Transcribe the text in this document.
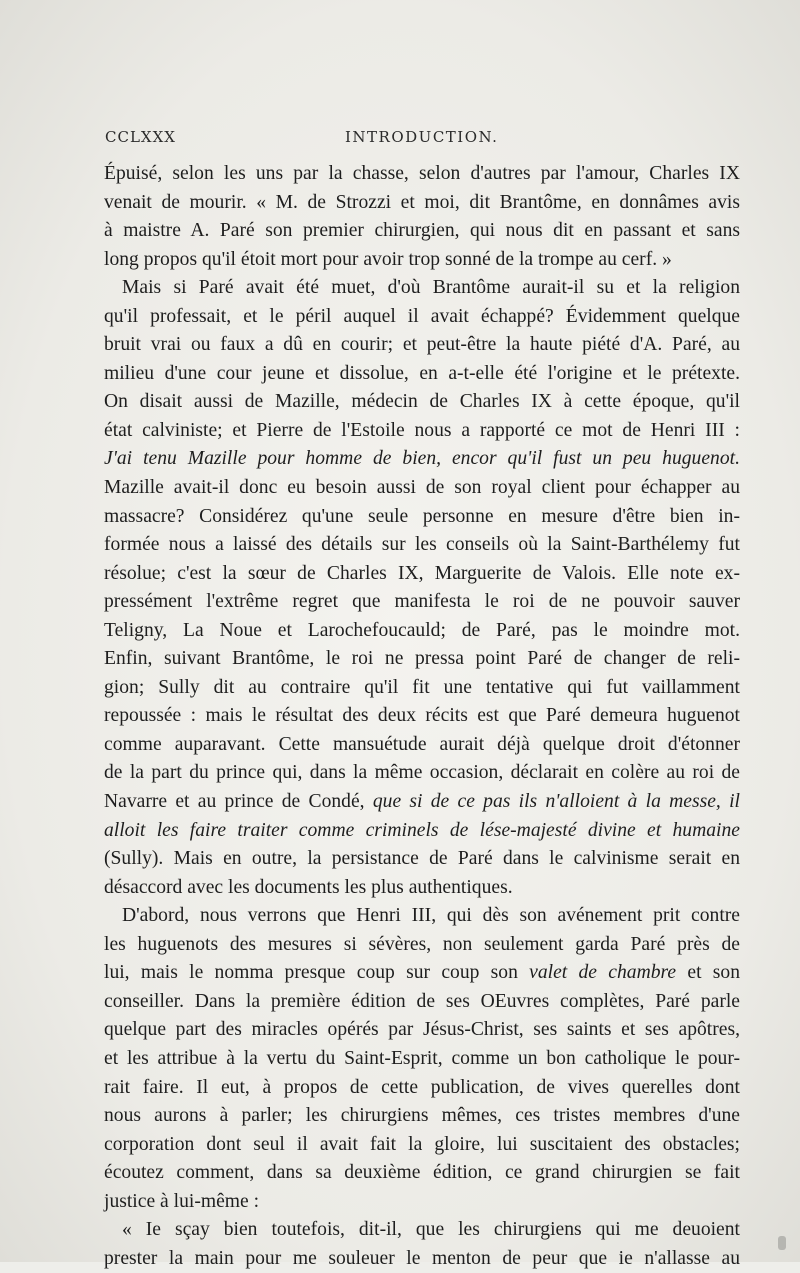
CCLXXX	INTRODUCTION.
Épuisé, selon les uns par la chasse, selon d'autres par l'amour, Charles IX
venait de mourir. « M. de Strozzi et moi, dit Brantôme, en donnâmes avis
à maistre A. Paré son premier chirurgien, qui nous dit en passant et sans
long propos qu'il étoit mort pour avoir trop sonné de la trompe au cerf. »
Mais si Paré avait été muet, d'où Brantôme aurait-il su et la religion
qu'il professait, et le péril auquel il avait échappé? Évidemment quelque
bruit vrai ou faux a dû en courir; et peut-être la haute piété d'A. Paré, au
milieu d'une cour jeune et dissolue, en a-t-elle été l'origine et le prétexte.
On disait aussi de Mazille, médecin de Charles IX à cette époque, qu'il
état calviniste; et Pierre de l'Estoile nous a rapporté ce mot de Henri III :
J'ai tenu Mazille pour homme de bien, encor qu'il fust un peu huguenot.
Mazille avait-il donc eu besoin aussi de son royal client pour échapper au
massacre? Considérez qu'une seule personne en mesure d'être bien in-
formée nous a laissé des détails sur les conseils où la Saint-Barthélemy fut
résolue; c'est la sœur de Charles IX, Marguerite de Valois. Elle note ex-
pressément l'extrême regret que manifesta le roi de ne pouvoir sauver
Teligny, La Noue et Larochefoucauld; de Paré, pas le moindre mot.
Enfin, suivant Brantôme, le roi ne pressa point Paré de changer de reli-
gion; Sully dit au contraire qu'il fit une tentative qui fut vaillamment
repoussée : mais le résultat des deux récits est que Paré demeura huguenot
comme auparavant. Cette mansuétude aurait déjà quelque droit d'étonner
de la part du prince qui, dans la même occasion, déclarait en colère au roi de
Navarre et au prince de Condé, que si de ce pas ils n'alloient à la messe, il
alloit les faire traiter comme criminels de lése-majesté divine et humaine
(Sully). Mais en outre, la persistance de Paré dans le calvinisme serait en
désaccord avec les documents les plus authentiques.
D'abord, nous verrons que Henri III, qui dès son avénement prit contre
les huguenots des mesures si sévères, non seulement garda Paré près de
lui, mais le nomma presque coup sur coup son valet de chambre et son
conseiller. Dans la première édition de ses OEuvres complètes, Paré parle
quelque part des miracles opérés par Jésus-Christ, ses saints et ses apôtres,
et les attribue à la vertu du Saint-Esprit, comme un bon catholique le pour-
rait faire. Il eut, à propos de cette publication, de vives querelles dont
nous aurons à parler; les chirurgiens mêmes, ces tristes membres d'une
corporation dont seul il avait fait la gloire, lui suscitaient des obstacles;
écoutez comment, dans sa deuxième édition, ce grand chirurgien se fait
justice à lui-même :
« Ie sçay bien toutefois, dit-il, que les chirurgiens qui me deuoient
prester la main pour me souleuer le menton de peur que ie n'allasse au
